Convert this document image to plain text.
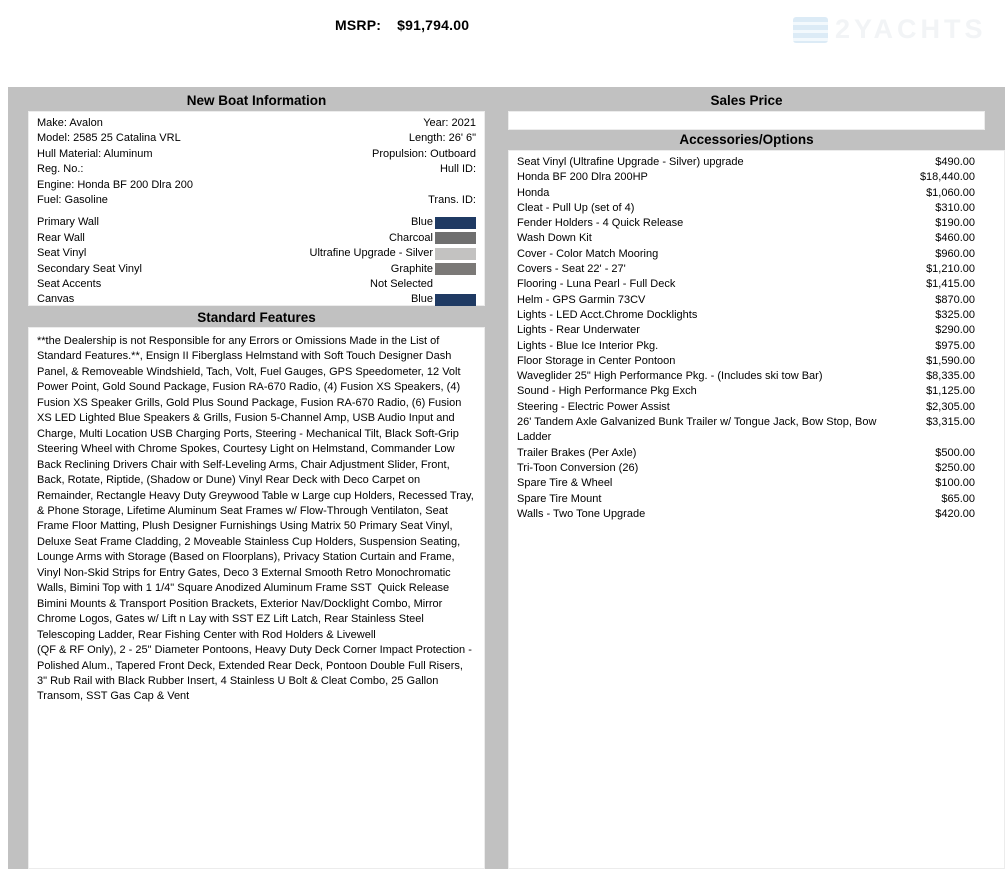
MSRP: $91,794.00	2YACHTS
New Boat Information
Make: Avalon	Year: 2021
Model: 2585 25 Catalina VRL	Length: 26' 6"
Hull Material: Aluminum	Propulsion: Outboard
Reg. No.:	Hull ID:
Engine: Honda BF 200 Dlra 200
Fuel: Gasoline	Trans. ID:
Primary Wall	Blue
Rear Wall	Charcoal
Seat Vinyl	Ultrafine Upgrade - Silver
Secondary Seat Vinyl	Graphite
Seat Accents	Not Selected
Canvas	Blue
Standard Features
**the Dealership is not Responsible for any Errors or Omissions Made in the List of Standard Features.**, Ensign II Fiberglass Helmstand with Soft Touch Designer Dash Panel, & Removeable Windshield, Tach, Volt, Fuel Gauges, GPS Speedometer, 12 Volt Power Point, Gold Sound Package, Fusion RA-670 Radio, (4) Fusion XS Speakers, (4) Fusion XS Speaker Grills, Gold Plus Sound Package, Fusion RA-670 Radio, (6) Fusion XS LED Lighted Blue Speakers & Grills, Fusion 5-Channel Amp, USB Audio Input and Charge, Multi Location USB Charging Ports, Steering - Mechanical Tilt, Black Soft-Grip Steering Wheel with Chrome Spokes, Courtesy Light on Helmstand, Commander Low Back Reclining Drivers Chair with Self-Leveling Arms, Chair Adjustment Slider, Front, Back, Rotate, Riptide, (Shadow or Dune) Vinyl Rear Deck with Deco Carpet on Remainder, Rectangle Heavy Duty Greywood Table w Large cup Holders, Recessed Tray, & Phone Storage, Lifetime Aluminum Seat Frames w/ Flow-Through Ventilaton, Seat Frame Floor Matting, Plush Designer Furnishings Using Matrix 50 Primary Seat Vinyl, Deluxe Seat Frame Cladding, 2 Moveable Stainless Cup Holders, Suspension Seating, Lounge Arms with Storage (Based on Floorplans), Privacy Station Curtain and Frame, Vinyl Non-Skid Strips for Entry Gates, Deco 3 External Smooth Retro Monochromatic Walls, Bimini Top with 1 1/4" Square Anodized Aluminum Frame SST  Quick Release Bimini Mounts & Transport Position Brackets, Exterior Nav/Docklight Combo, Mirror Chrome Logos, Gates w/ Lift n Lay with SST EZ Lift Latch, Rear Stainless Steel Telescoping Ladder, Rear Fishing Center with Rod Holders & Livewell                              (QF & RF Only), 2 - 25" Diameter Pontoons, Heavy Duty Deck Corner Impact Protection -Polished Alum., Tapered Front Deck, Extended Rear Deck, Pontoon Double Full Risers, 3" Rub Rail with Black Rubber Insert, 4 Stainless U Bolt & Cleat Combo, 25 Gallon  Transom, SST Gas Cap & Vent
Sales Price
Accessories/Options
Seat Vinyl (Ultrafine Upgrade - Silver) upgrade	$490.00
Honda BF 200 Dlra 200HP	$18,440.00
Honda	$1,060.00
Cleat - Pull Up (set of 4)	$310.00
Fender Holders - 4 Quick Release	$190.00
Wash Down Kit	$460.00
Cover - Color Match Mooring	$960.00
Covers - Seat 22' - 27'	$1,210.00
Flooring - Luna Pearl - Full Deck	$1,415.00
Helm - GPS Garmin 73CV	$870.00
Lights - LED Acct.Chrome Docklights	$325.00
Lights - Rear Underwater	$290.00
Lights - Blue Ice Interior Pkg.	$975.00
Floor Storage in Center Pontoon	$1,590.00
Waveglider 25" High Performance Pkg. - (Includes ski tow Bar)	$8,335.00
Sound - High Performance Pkg Exch	$1,125.00
Steering - Electric Power Assist	$2,305.00
26' Tandem Axle Galvanized Bunk Trailer w/ Tongue Jack, Bow Stop, Bow Ladder
$3,315.00
Trailer Brakes (Per Axle)	$500.00
Tri-Toon Conversion (26)	$250.00
Spare Tire & Wheel	$100.00
Spare Tire Mount	$65.00
Walls - Two Tone Upgrade	$420.00
